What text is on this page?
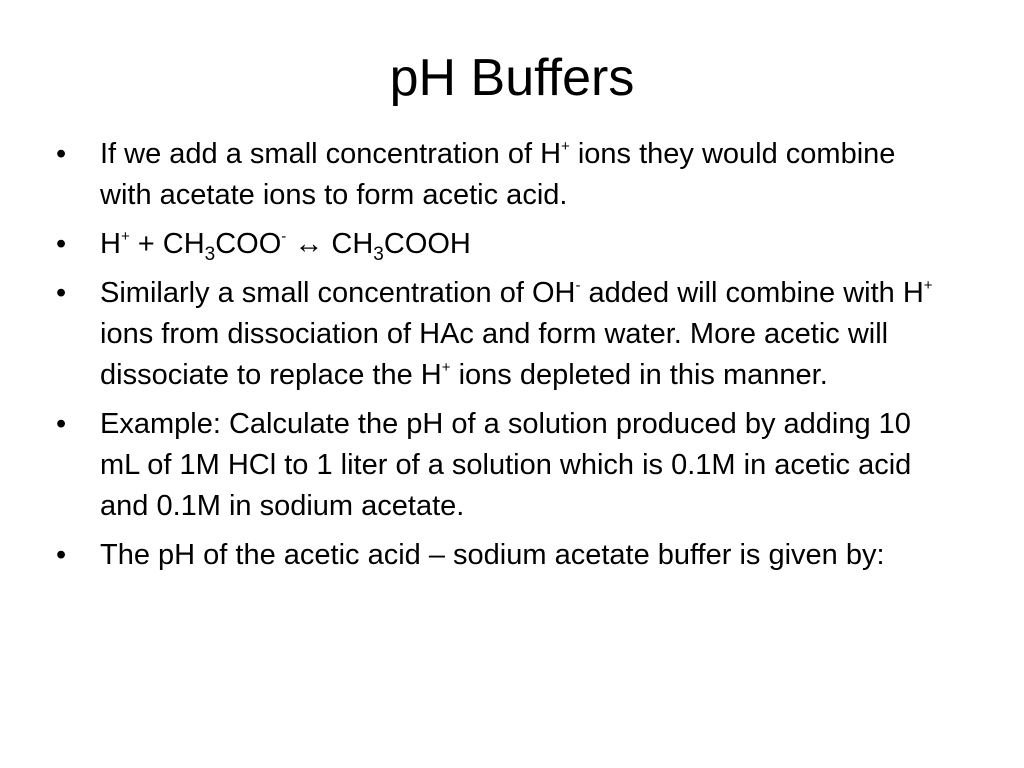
pH Buffers
• If we add a small concentration of H+ ions they would combine with acetate ions to form acetic acid.
• $H^+ + CH_3COO^-$ ↔ $CH_3COOH$
• Similarly a small concentration of OH- added will combine with H+ ions from dissociation of HAc and form water. More acetic will dissociate to replace the H+ ions depleted in this manner.
• Example: Calculate the pH of a solution produced by adding 10 mL of 1M HCl to 1 liter of a solution which is 0.1M in acetic acid and 0.1M in sodium acetate.
• The pH of the acetic acid – sodium acetate buffer is given by:
